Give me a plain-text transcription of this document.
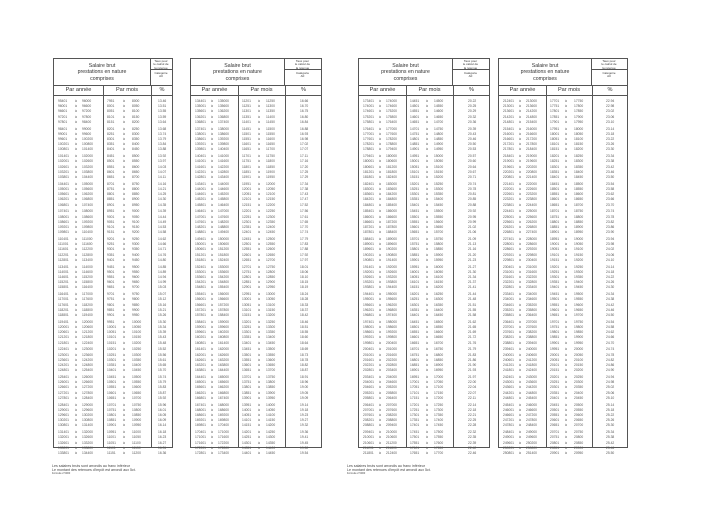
Salaire brut
prestations en nature
comprises
Taux pour
le calcul de
la retenue
Catégorie
A0
Par année	Par mois	%
95401 à 96000	7951	à 8000	13.46
96001 à 96600	8001	à 8050	13.51
96601 à 97200	8051	à 8100	13.55
97201 à 97800	8101	à 8150	13.59
97801 à 98400	8151	à 8200	13.64
98401 à 99000	8201	à 8250	13.68
99001 à 99600	8251	à 8300	13.74
99601 à 100200	8301	à 8350	13.79
100201 à 100800	8351	à 8400	13.84
100801 à 101400	8401	à 8450	13.88
101401 à 102000	8451	à 8500	13.92
102001 à 102600	8501	à 8550	13.97
102601 à 103200	8551	à 8600	14.03
103201 à 103800	8601	à 8650	14.07
103801 à 104400	8651	à 8700	14.11
104401 à 105000	8701	à 8750	14.16
105001 à 105600	8751	à 8800	14.21
105601 à 106200	8801	à 8850	14.25
106201 à 106800	8851	à 8900	14.30
106801 à 107400	8901	à 8950	14.35
107401 à 108000	8951	à 9000	14.39
108001 à 108600	9001	à 9050	14.44
108601 à 109200	9051	à 9100	14.49
109201 à 109800	9101	à 9150	14.53
109801 à 110400	9151	à 9200	14.58
110401 à 111000	9201	à 9250	14.62
111001 à 111600	9251	à 9300	14.66
111601 à 112200	9301	à 9350	14.71
112201 à 112800	9351	à 9400	14.76
112801 à 113400	9401	à 9450	14.80
113401 à 114000	9451	à 9500	14.85
114001 à 114600	9501	à 9550	14.89
114601 à 115200	9551	à 9600	14.94
115201 à 115800	9601	à 9650	14.99
115801 à 116400	9651	à 9700	15.03
116401 à 117000	9701	à 9750	15.07
117001 à 117600	9751	à 9800	15.12
117601 à 118200	9801	à 9850	15.16
118201 à 118800	9851	à 9900	15.21
118801 à 119400	9901	à 9950	15.26
119401 à 120000	9951	à 10000	15.30
120001 à 120600	10001 à 10050	15.34
120601 à 121200	10051 à 10100	15.39
121201 à 121800	10101 à 10150	15.43
121801 à 122400	10151 à 10200	15.48
122401 à 123000	10201 à 10250	15.52
123001 à 123600	10251 à 10300	15.56
123601 à 124200	10301 à 10350	15.61
124201 à 124800	10351 à 10400	15.65
124801 à 125400	10401 à 10450	15.70
125401 à 126000	10451 à 10500	15.74
126001 à 126600	10501 à 10550	15.79
126601 à 127200	10551 à 10600	15.83
127201 à 127800	10601 à 10650	15.87
127801 à 128400	10651 à 10700	15.92
128401 à 129000	10701 à 10750	15.96
129001 à 129600	10751 à 10800	16.01
129601 à 130200	10801 à 10850	16.05
130201 à 130800	10851 à 10900	16.09
130801 à 131400	10901 à 10950	16.14
131401 à 132000	10951 à 11000	16.18
132001 à 132600	11001 à 11050	16.23
132601 à 133200	11051 à 11100	16.27
133201 à 133800	11101 à 11150	16.31
133801 à 134400	11151 à 11200	16.36
Salaire brut
prestations en nature
comprises
Taux pour
le calcul de
la retenue
Catégorie
A0
Par année	Par mois	%
134401 à 135000	11201 à 11250	16.66
135001 à 135600	11251 à 11300	16.70
135601 à 136200	11301 à 11350	16.75
136201 à 136800	11351 à 11400	16.80
136801 à 137400	11401 à 11450	16.84
137401 à 138000	11451 à 11500	16.88
138001 à 138600	11501 à 11550	16.93
138601 à 139200	11551 à 11600	16.98
139201 à 139800	11601 à 11650	17.02
139801 à 140400	11651 à 11700	17.07
140401 à 141000	11701 à 11750	17.11
141001 à 141600	11751 à 11800	17.16
141601 à 142200	11801 à 11850	17.20
142201 à 142800	11851 à 11900	17.25
142801 à 143400	11901 à 11950	17.29
143401 à 144000	11951 à 12000	17.34
144001 à 144600	12001 à 12050	17.38
144601 à 145200	12051 à 12100	17.43
145201 à 145800	12101 à 12150	17.47
145801 à 146400	12151 à 12200	17.52
146401 à 147000	12201 à 12250	17.56
147001 à 147600	12251 à 12300	17.61
147601 à 148200	12301 à 12350	17.65
148201 à 148800	12351 à 12400	17.70
148801 à 149400	12401 à 12450	17.74
149401 à 150000	12451 à 12500	17.79
150001 à 150600	12501 à 12550	17.83
150601 à 151200	12551 à 12600	17.88
151201 à 151800	12601 à 12650	17.92
151801 à 152400	12651 à 12700	17.97
152401 à 153000	12701 à 12750	18.01
153001 à 153600	12751 à 12800	18.06
153601 à 154200	12801 à 12850	18.10
154201 à 154800	12851 à 12900	18.15
154801 à 155400	12901 à 12950	18.19
155401 à 156000	12951 à 13000	18.24
156001 à 156600	13001 à 13050	18.28
156601 à 157200	13051 à 13100	18.33
157201 à 157800	13101 à 13150	18.37
157801 à 158400	13151 à 13200	18.42
158401 à 159000	13201 à 13250	18.46
159001 à 159600	13251 à 13300	18.51
159601 à 160200	13301 à 13350	18.55
160201 à 160800	13351 à 13400	18.60
160801 à 161400	13401 à 13450	18.64
161401 à 162000	13451 à 13500	18.69
162001 à 162600	13501 à 13550	18.73
162601 à 163200	13551 à 13600	18.78
163201 à 163800	13601 à 13650	18.82
163801 à 164400	13651 à 13700	18.87
164401 à 165000	13701 à 13750	18.91
165001 à 165600	13751 à 13800	18.96
165601 à 166200	13801 à 13850	19.00
166201 à 166800	13851 à 13900	19.05
166801 à 167400	13901 à 13950	19.09
167401 à 168000	13951 à 14000	19.14
168001 à 168600	14001 à 14050	19.18
168601 à 169200	14051 à 14100	19.23
169201 à 169800	14101 à 14150	19.27
169801 à 170400	14151 à 14200	19.32
170401 à 171000	14201 à 14250	19.36
171001 à 171600	14251 à 14300	19.41
171601 à 172200	14301 à 14350	19.45
172201 à 172800	14351 à 14400	19.50
172801 à 173400	14401 à 14450	19.54
Salaire brut
prestations en nature
comprises
Taux pour
le calcul de
la retenue
Catégorie
A0
Par année	Par mois	%
173401 à 174000	14451 à 14500	20.22
174001 à 174600	14501 à 14550	20.25
174601 à 175200	14551 à 14600	20.29
175201 à 175800	14601 à 14650	20.32
175801 à 176400	14651 à 14700	20.36
176401 à 177000	14701 à 14750	20.39
177001 à 177600	14751 à 14800	20.43
177601 à 178200	14801 à 14850	20.46
178201 à 178800	14851 à 14900	20.50
178801 à 179400	14901 à 14950	20.53
179401 à 180000	14951 à 15000	20.57
180001 à 180600	15001 à 15050	20.60
180601 à 181200	15051 à 15100	20.64
181201 à 181800	15101 à 15150	20.67
181801 à 182400	15151 à 15200	20.71
182401 à 183000	15201 à 15250	20.74
183001 à 183600	15251 à 15300	20.78
183601 à 184200	15301 à 15350	20.81
184201 à 184800	15351 à 15400	20.85
184801 à 185400	15401 à 15450	20.88
185401 à 186000	15451 à 15500	20.92
186001 à 186600	15501 à 15550	20.95
186601 à 187200	15551 à 15600	20.99
187201 à 187800	15601 à 15650	21.02
187801 à 188400	15651 à 15700	21.06
188401 à 189000	15701 à 15750	21.09
189001 à 189600	15751 à 15800	21.13
189601 à 190200	15801 à 15850	21.16
190201 à 190800	15851 à 15900	21.20
190801 à 191400	15901 à 15950	21.23
191401 à 192000	15951 à 16000	21.27
192001 à 192600	16001 à 16050	21.30
192601 à 193200	16051 à 16100	21.34
193201 à 193800	16101 à 16150	21.37
193801 à 194400	16151 à 16200	21.41
194401 à 195000	16201 à 16250	21.44
195001 à 195600	16251 à 16300	21.48
195601 à 196200	16301 à 16350	21.51
196201 à 196800	16351 à 16400	21.55
196801 à 197400	16401 à 16450	21.58
197401 à 198000	16451 à 16500	21.62
198001 à 198600	16501 à 16550	21.65
198601 à 199200	16551 à 16600	21.69
199201 à 199800	16601 à 16650	21.72
199801 à 200400	16651 à 16700	21.76
200401 à 201000	16701 à 16750	21.79
201001 à 201600	16751 à 16800	21.83
201601 à 202200	16801 à 16850	21.86
202201 à 202800	16851 à 16900	21.90
202801 à 203400	16901 à 16950	21.93
203401 à 204000	16951 à 17000	21.97
204001 à 204600	17001 à 17050	22.00
204601 à 205200	17051 à 17100	22.04
205201 à 205800	17101 à 17150	22.07
205801 à 206400	17151 à 17200	22.11
206401 à 207000	17201 à 17250	22.14
207001 à 207600	17251 à 17300	22.18
207601 à 208200	17301 à 17350	22.21
208201 à 208800	17351 à 17400	22.25
208801 à 209400	17401 à 17450	22.28
209401 à 210000	17451 à 17500	22.32
210001 à 210600	17501 à 17550	22.35
210601 à 211200	17551 à 17600	22.39
211201 à 211800	17601 à 17650	22.42
211801 à 212400	17651 à 17700	22.46
Salaire brut
prestations en nature
comprises
Taux pour
le calcul de
la retenue
Catégorie
A0
Par année	Par mois	%
212401 à 213000	17701 à 17750	22.94
213001 à 213600	17751 à 17800	22.98
213601 à 214200	17801 à 17850	23.02
214201 à 214800	17851 à 17900	23.06
214801 à 215400	17901 à 17950	23.10
215401 à 216000	17951 à 18000	23.14
216001 à 216600	18001 à 18050	23.18
216601 à 217200	18051 à 18100	23.22
217201 à 217800	18101 à 18150	23.26
217801 à 218400	18151 à 18200	23.30
218401 à 219000	18201 à 18250	23.34
219001 à 219600	18251 à 18300	23.38
219601 à 220200	18301 à 18350	23.42
220201 à 220800	18351 à 18400	23.46
220801 à 221400	18401 à 18450	23.50
221401 à 222000	18451 à 18500	23.54
222001 à 222600	18501 à 18550	23.58
222601 à 223200	18551 à 18600	23.62
223201 à 223800	18601 à 18650	23.66
223801 à 224400	18651 à 18700	23.70
224401 à 225000	18701 à 18750	23.74
225001 à 225600	18751 à 18800	23.78
225601 à 226200	18801 à 18850	23.82
226201 à 226800	18851 à 18900	23.86
226801 à 227400	18901 à 18950	23.90
227401 à 228000	18951 à 19000	23.94
228001 à 228600	19001 à 19050	23.98
228601 à 229200	19051 à 19100	24.02
229201 à 229800	19101 à 19150	24.06
229801 à 230400	19151 à 19200	24.10
230401 à 231000	19201 à 19250	24.14
231001 à 231600	19251 à 19300	24.18
231601 à 232200	19301 à 19350	24.22
232201 à 232800	19351 à 19400	24.26
232801 à 233400	19401 à 19450	24.30
233401 à 234000	19451 à 19500	24.34
234001 à 234600	19501 à 19550	24.38
234601 à 235200	19551 à 19600	24.42
235201 à 235800	19601 à 19650	24.46
235801 à 236400	19651 à 19700	24.50
236401 à 237000	19701 à 19750	24.54
237001 à 237600	19751 à 19800	24.58
237601 à 238200	19801 à 19850	24.62
238201 à 238800	19851 à 19900	24.66
238801 à 239400	19901 à 19950	24.70
239401 à 240000	19951 à 20000	24.74
240001 à 240600	20001 à 20050	24.78
240601 à 241200	20051 à 20100	24.82
241201 à 241800	20101 à 20150	24.86
241801 à 242400	20151 à 20200	24.90
242401 à 243000	20201 à 20250	24.94
243001 à 243600	20251 à 20300	24.98
243601 à 244200	20301 à 20350	25.02
244201 à 244800	20351 à 20400	25.06
244801 à 245400	20401 à 20450	25.10
245401 à 246000	20451 à 20500	25.14
246001 à 246600	20501 à 20550	25.18
246601 à 247200	20551 à 20600	25.22
247201 à 247800	20601 à 20650	25.26
247801 à 248400	20651 à 20700	25.30
248401 à 249000	20701 à 20750	25.34
249001 à 249600	20751 à 20800	25.38
249601 à 250200	20801 à 20850	25.42
250201 à 250800	20851 à 20900	25.46
250801 à 251400	20901 à 20950	25.50
Les salaires bruts sont arrondis au franc inférieur
Le montant des retenues d'impôt est arrondi aux 5ct.
Formule 2 5000
Les salaires bruts sont arrondis au franc inférieur
Le montant des retenues d'impôt est arrondi aux 5ct.
Formule 2 5000
